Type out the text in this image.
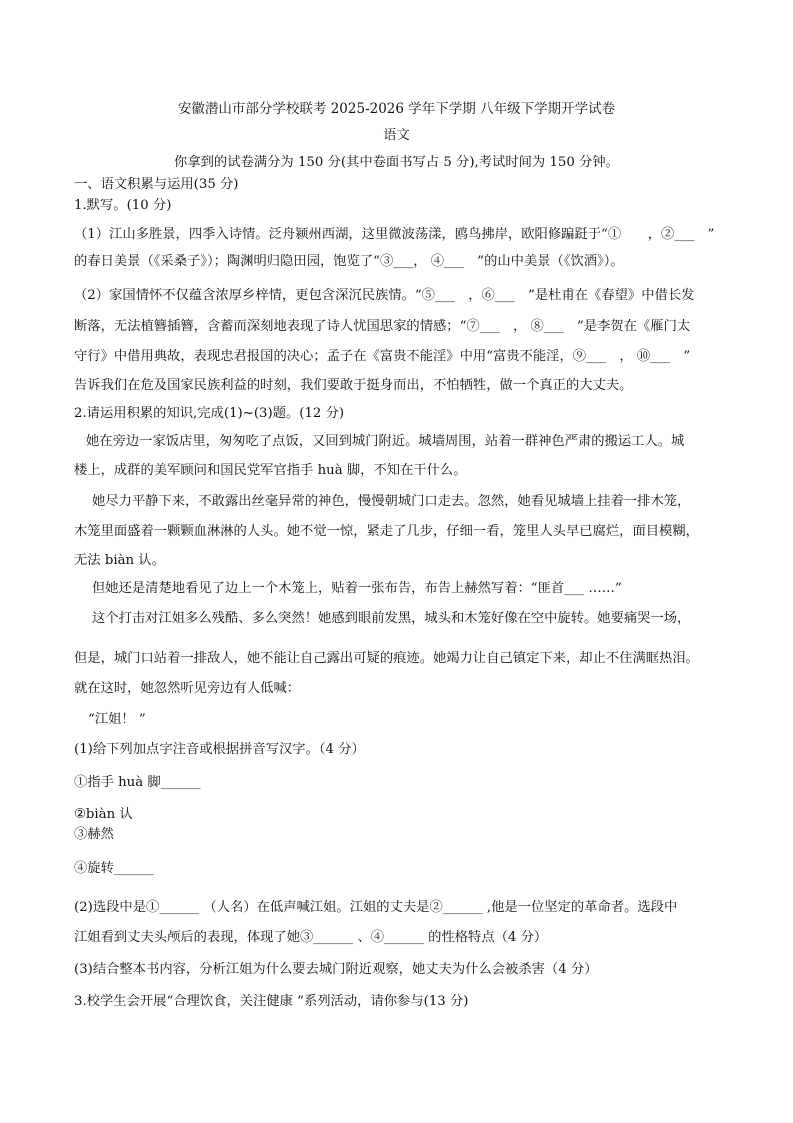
安徽潜山市部分学校联考 2025-2026 学年下学期 八年级下学期开学试卷
语文
你拿到的试卷满分为 150 分(其中卷面书写占 5 分),考试时间为 150 分钟。
一、语文积累与运用(35 分)
1.默写。(10 分)
（1）江山多胜景，四季入诗情。泛舟颍州西湖，这里微波荡漾，鸥鸟拂岸，欧阳修蹁跹于“①　　，②___　”
的春日美景（《采桑子》）；陶渊明归隐田园，饱览了“③___， ④___　”的山中美景（《饮酒》）。
（2）家国情怀不仅蕴含浓厚乡梓情，更包含深沉民族情。“⑤___　，⑥___　”是杜甫在《春望》中借长发
断落，无法植簪插簪，含蓄而深刻地表现了诗人忧国思家的情感；“⑦___　， ⑧___　”是李贺在《雁门太
守行》中借用典故，表现忠君报国的决心；孟子在《富贵不能淫》中用“富贵不能淫，⑨___　， ⑩___　”
告诉我们在危及国家民族利益的时刻，我们要敢于挺身而出，不怕牺牲，做一个真正的大丈夫。
2.请运用积累的知识,完成(1)~(3)题。(12 分)
她在旁边一家饭店里，匆匆吃了点饭，又回到城门附近。城墙周围，站着一群神色严肃的搬运工人。城
楼上，成群的美军顾问和国民党军官指手 huà 脚，不知在干什么。
她尽力平静下来，不敢露出丝毫异常的神色，慢慢朝城门口走去。忽然，她看见城墙上挂着一排木笼，
木笼里面盛着一颗颗血淋淋的人头。她不觉一惊，紧走了几步，仔细一看，笼里人头早已腐烂，面目模糊，
无法 biàn 认。
但她还是清楚地看见了边上一个木笼上，贴着一张布告，布告上赫然写着：“匪首___ ……”
这个打击对江姐多么残酷、多么突然！她感到眼前发黑，城头和木笼好像在空中旋转。她要痛哭一场，
但是，城门口站着一排敌人，她不能让自己露出可疑的痕迹。她竭力让自己镇定下来，却止不住满眶热泪。
就在这时，她忽然听见旁边有人低喊：
“江姐！ ”
(1)给下列加点字注音或根据拼音写汉字。（4 分）
①指手 huà 脚______
②biàn 认
③赫然
④旋转______
(2)选段中是①______ （人名）在低声喊江姐。江姐的丈夫是②______ ,他是一位坚定的革命者。选段中
江姐看到丈夫头颅后的表现，体现了她③______ 、④______ 的性格特点（4 分）
(3)结合整本书内容，分析江姐为什么要去城门附近观察，她丈夫为什么会被杀害（4 分）
3.校学生会开展“合理饮食，关注健康 ”系列活动，请你参与(13 分)
